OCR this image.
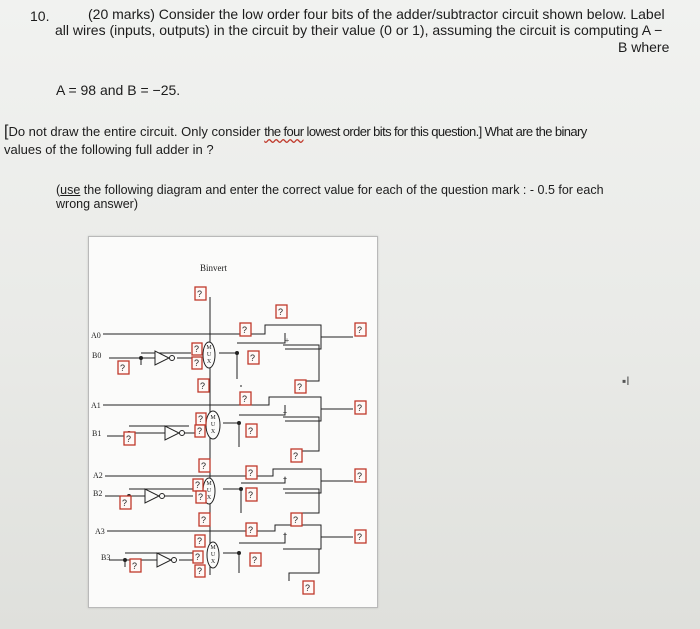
10.	(20 marks) Consider the low order four bits of the adder/subtractor circuit shown below. Label
all wires (inputs, outputs) in the circuit by their value (0 or 1), assuming the circuit is computing A −
B where
A = 98 and B = −25.
[Do not draw the entire circuit. Only consider the four lowest order bits for this question.] What are the binary
values of the following full adder in ?
(use the following diagram and enter the correct value for each of the question mark : - 0.5 for each
wrong answer)
Binvert
A0
B0
A1
B1
A2
B2
A3
B3
M
U
X
M
U
X
M
U
X
M
U
X
+
+
+
+
?
?
?	?
?
?	?
?
?	?
?
?
?
?	?
?
?
?
?	?
?
?	?
?
?	?
?
?
?
?	?
?	?
?
▪︎I
